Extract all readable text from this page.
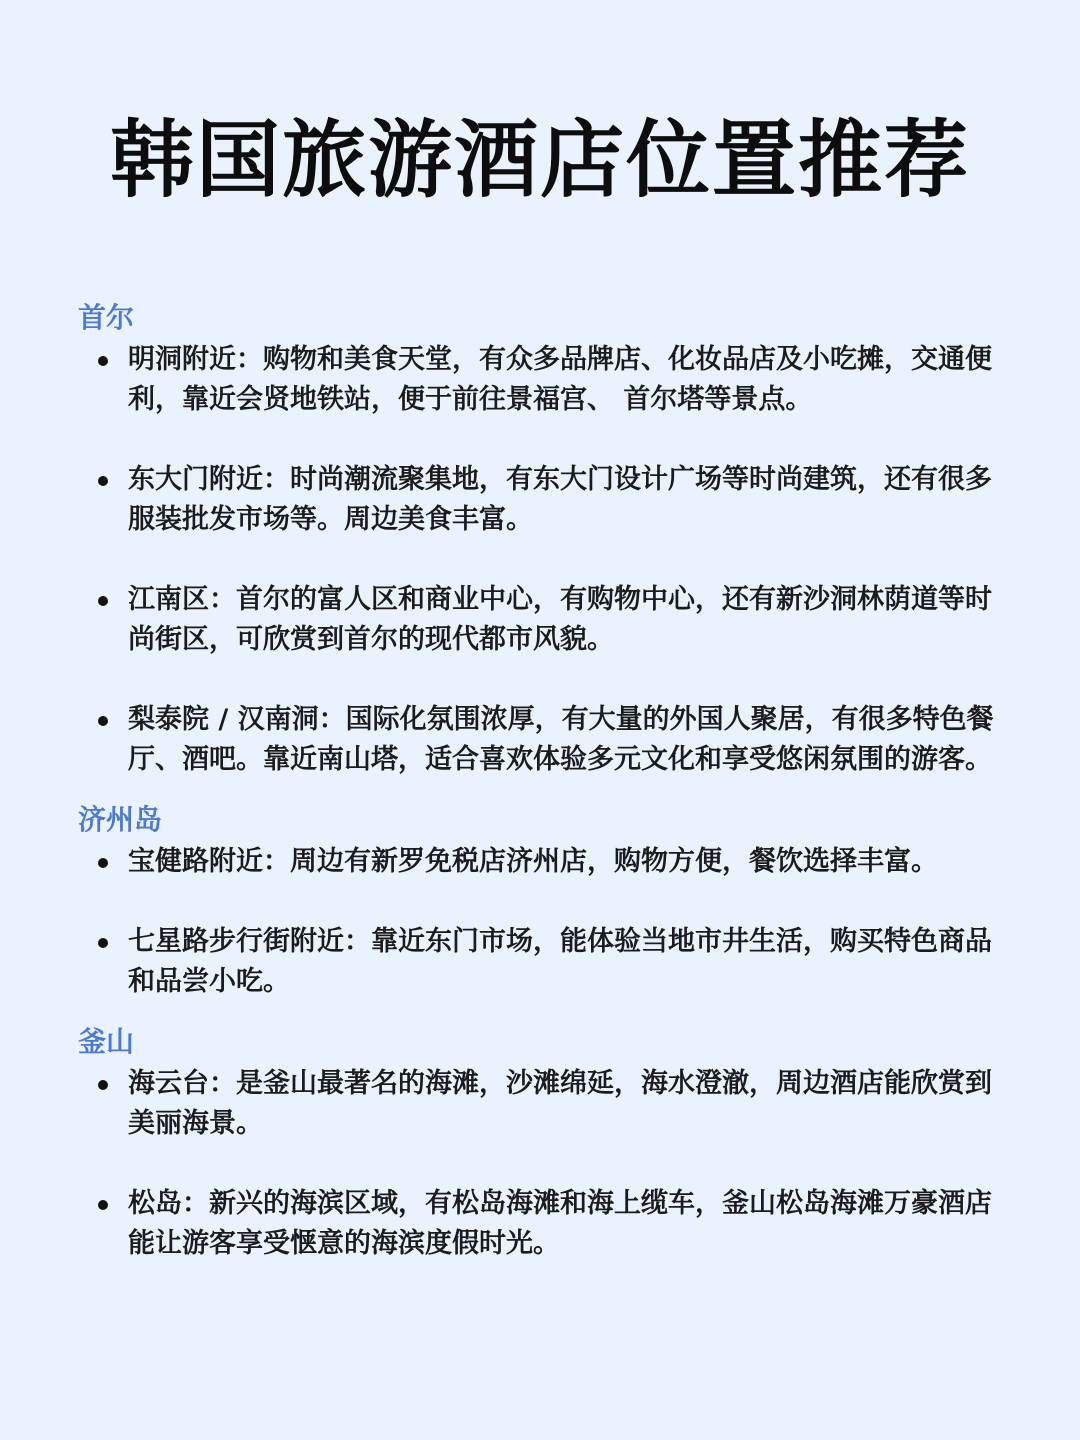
韩国旅游酒店位置推荐
首尔
明洞附近：购物和美食天堂，有众多品牌店、化妆品店及小吃摊，交通便利，靠近会贤地铁站，便于前往景福宫、 首尔塔等景点。
东大门附近：时尚潮流聚集地，有东大门设计广场等时尚建筑，还有很多服装批发市场等。周边美食丰富。
江南区：首尔的富人区和商业中心，有购物中心，还有新沙洞林荫道等时尚街区，可欣赏到首尔的现代都市风貌。
梨泰院 / 汉南洞：国际化氛围浓厚，有大量的外国人聚居，有很多特色餐厅、酒吧。靠近南山塔，适合喜欢体验多元文化和享受悠闲氛围的游客。
济州岛
宝健路附近：周边有新罗免税店济州店，购物方便，餐饮选择丰富。
七星路步行街附近：靠近东门市场，能体验当地市井生活，购买特色商品和品尝小吃。
釜山
海云台：是釜山最著名的海滩，沙滩绵延，海水澄澈，周边酒店能欣赏到美丽海景。
松岛：新兴的海滨区域，有松岛海滩和海上缆车，釜山松岛海滩万豪酒店能让游客享受惬意的海滨度假时光。
